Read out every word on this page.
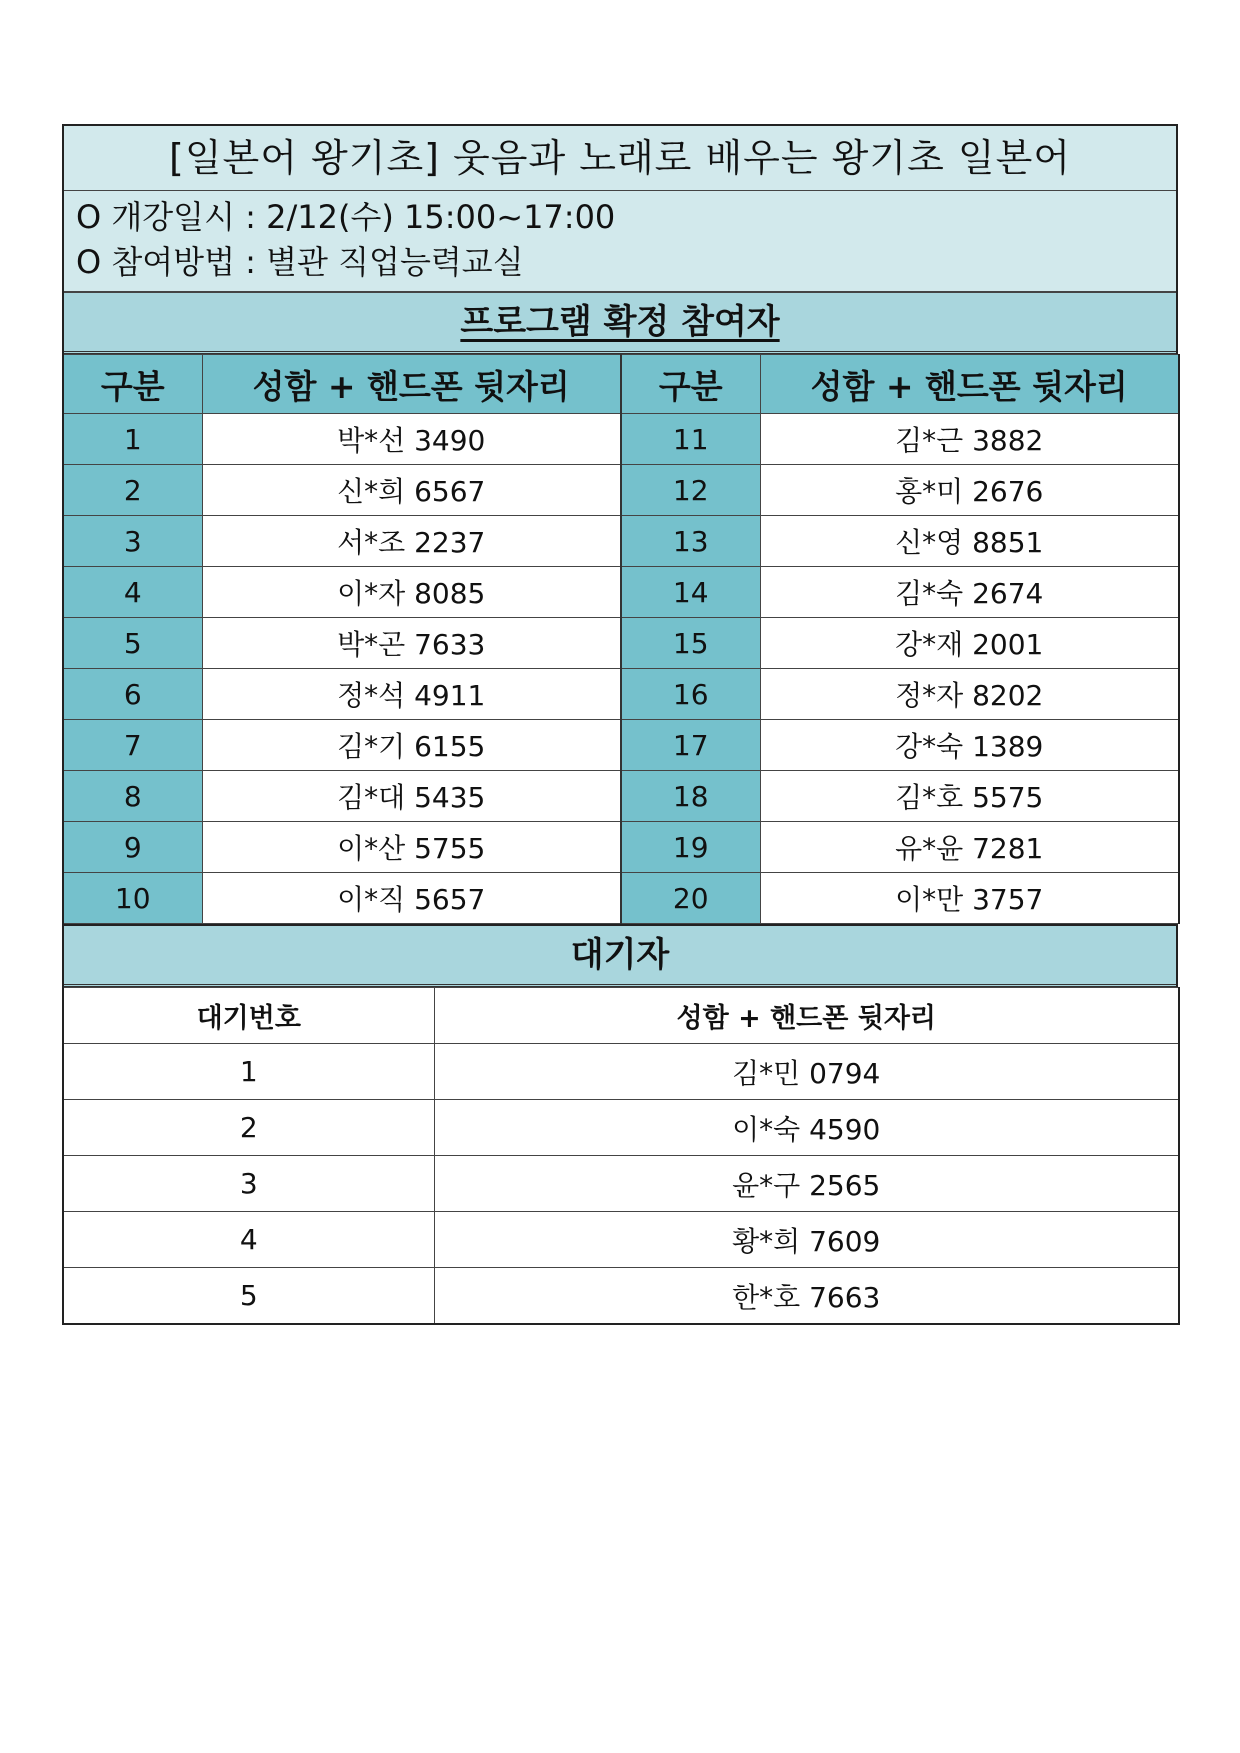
[일본어 왕기초] 웃음과 노래로 배우는 왕기초 일본어
O 개강일시 : 2/12(수) 15:00~17:00
O 참여방법 : 별관 직업능력교실
프로그램 확정 참여자
구분	성함 + 핸드폰 뒷자리	구분	성함 + 핸드폰 뒷자리
1	박*선 3490	11	김*근 3882
2	신*희 6567	12	홍*미 2676
3	서*조 2237	13	신*영 8851
4	이*자 8085	14	김*숙 2674
5	박*곤 7633	15	강*재 2001
6	정*석 4911	16	정*자 8202
7	김*기 6155	17	강*숙 1389
8	김*대 5435	18	김*호 5575
9	이*산 5755	19	유*윤 7281
10	이*직 5657	20	이*만 3757
대기자
대기번호	성함 + 핸드폰 뒷자리
1	김*민 0794
2	이*숙 4590
3	윤*구 2565
4	황*희 7609
5	한*호 7663
